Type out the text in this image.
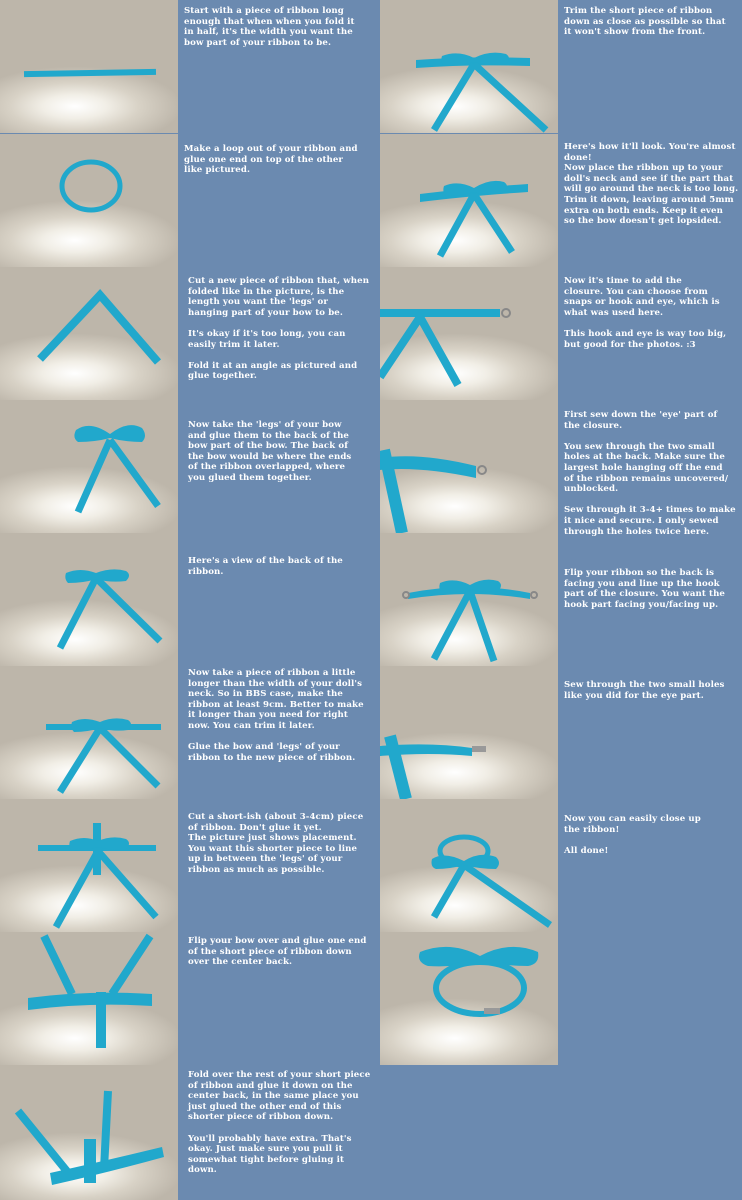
Start with a piece of ribbon long
enough that when when you fold it
in half, it's the width you want the
bow part of your ribbon to be.
Make a loop out of your ribbon and
glue one end on top of the other
like pictured.
Cut a new piece of ribbon that, when
folded like in the picture, is the
length you want the 'legs' or
hanging part of your bow to be.

It's okay if it's too long, you can
easily trim it later.

Fold it at an angle as pictured and
glue together.
Now take the 'legs' of your bow
and glue them to the back of the
bow part of the bow. The back of
the bow would be where the ends
of the ribbon overlapped, where
you glued them together.
Here's a view of the back of the
ribbon.
Now take a piece of ribbon a little
longer than the width of your doll's
neck. So in BBS case, make the
ribbon at least 9cm. Better to make
it longer than you need for right
now. You can trim it later.

Glue the bow and 'legs' of your
ribbon to the new piece of ribbon.
Cut a short-ish (about 3-4cm) piece
of ribbon. Don't glue it yet.
The picture just shows placement.
You want this shorter piece to line
up in between the 'legs' of your
ribbon as much as possible.
Flip your bow over and glue one end
of the short piece of ribbon down
over the center back.
Fold over the rest of your short piece
of ribbon and glue it down on the
center back, in the same place you
just glued the other end of this
shorter piece of ribbon down.

You'll probably have extra. That's
okay. Just make sure you pull it
somewhat tight before gluing it
down.
Trim the short piece of ribbon
down as close as possible so that
it won't show from the front.
Here's how it'll look. You're almost
done!
Now place the ribbon up to your
doll's neck and see if the part that
will go around the neck is too long.
Trim it down, leaving around 5mm
extra on both ends. Keep it even
so the bow doesn't get lopsided.
Now it's time to add the
closure. You can choose from
snaps or hook and eye, which is
what was used here.

This hook and eye is way too big,
but good for the photos. :3
First sew down the 'eye' part of
the closure.

You sew through the two small
holes at the back. Make sure the
largest hole hanging off the end
of the ribbon remains uncovered/
unblocked.

Sew through it 3-4+ times to make
it nice and secure. I only sewed
through the holes twice here.
Flip your ribbon so the back is
facing you and line up the hook
part of the closure. You want the
hook part facing you/facing up.
Sew through the two small holes
like you did for the eye part.
Now you can easily close up
the ribbon!

All done!
